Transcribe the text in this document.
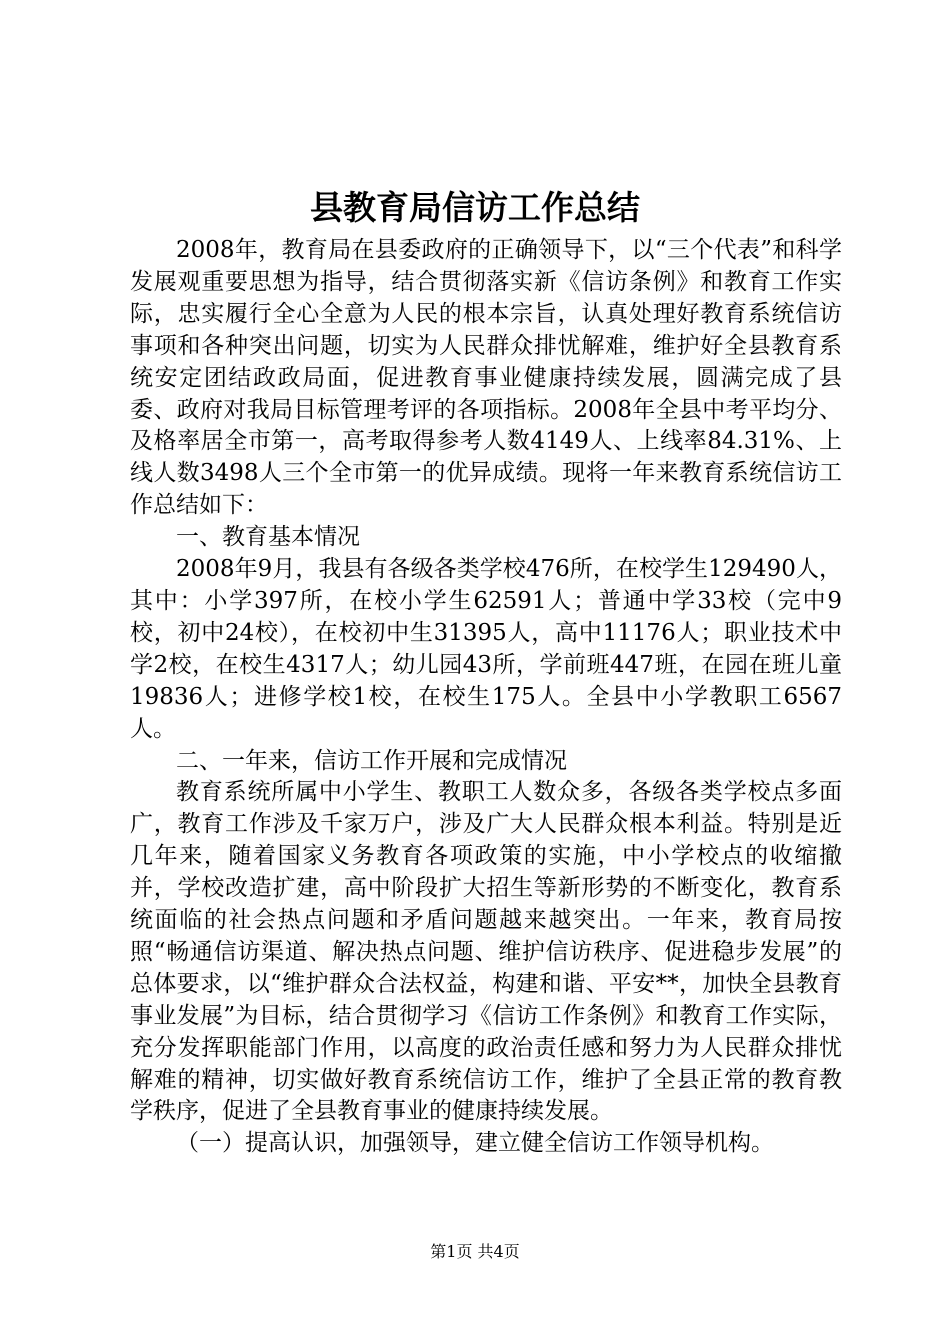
县教育局信访工作总结

2008年，教育局在县委政府的正确领导下，以“三个代表”和科学发展观重要思想为指导，结合贯彻落实新《信访条例》和教育工作实际，忠实履行全心全意为人民的根本宗旨，认真处理好教育系统信访事项和各种突出问题，切实为人民群众排忧解难，维护好全县教育系统安定团结政政局面，促进教育事业健康持续发展，圆满完成了县委、政府对我局目标管理考评的各项指标。2008年全县中考平均分、及格率居全市第一，高考取得参考人数4149人、上线率84.31%、上线人数3498人三个全市第一的优异成绩。现将一年来教育系统信访工作总结如下：

一、教育基本情况

2008年9月，我县有各级各类学校476所，在校学生129490人，其中：小学397所，在校小学生62591人；普通中学33校（完中9校，初中24校），在校初中生31395人，高中11176人；职业技术中学2校，在校生4317人；幼儿园43所，学前班447班，在园在班儿童19836人；进修学校1校，在校生175人。全县中小学教职工6567人。

二、一年来，信访工作开展和完成情况

教育系统所属中小学生、教职工人数众多，各级各类学校点多面广，教育工作涉及千家万户，涉及广大人民群众根本利益。特别是近几年来，随着国家义务教育各项政策的实施，中小学校点的收缩撤并，学校改造扩建，高中阶段扩大招生等新形势的不断变化，教育系统面临的社会热点问题和矛盾问题越来越突出。一年来，教育局按照“畅通信访渠道、解决热点问题、维护信访秩序、促进稳步发展”的总体要求，以“维护群众合法权益，构建和谐、平安**，加快全县教育事业发展”为目标，结合贯彻学习《信访工作条例》和教育工作实际，充分发挥职能部门作用，以高度的政治责任感和努力为人民群众排忧解难的精神，切实做好教育系统信访工作，维护了全县正常的教育教学秩序，促进了全县教育事业的健康持续发展。

（一）提高认识，加强领导，建立健全信访工作领导机构。

第1页 共4页
